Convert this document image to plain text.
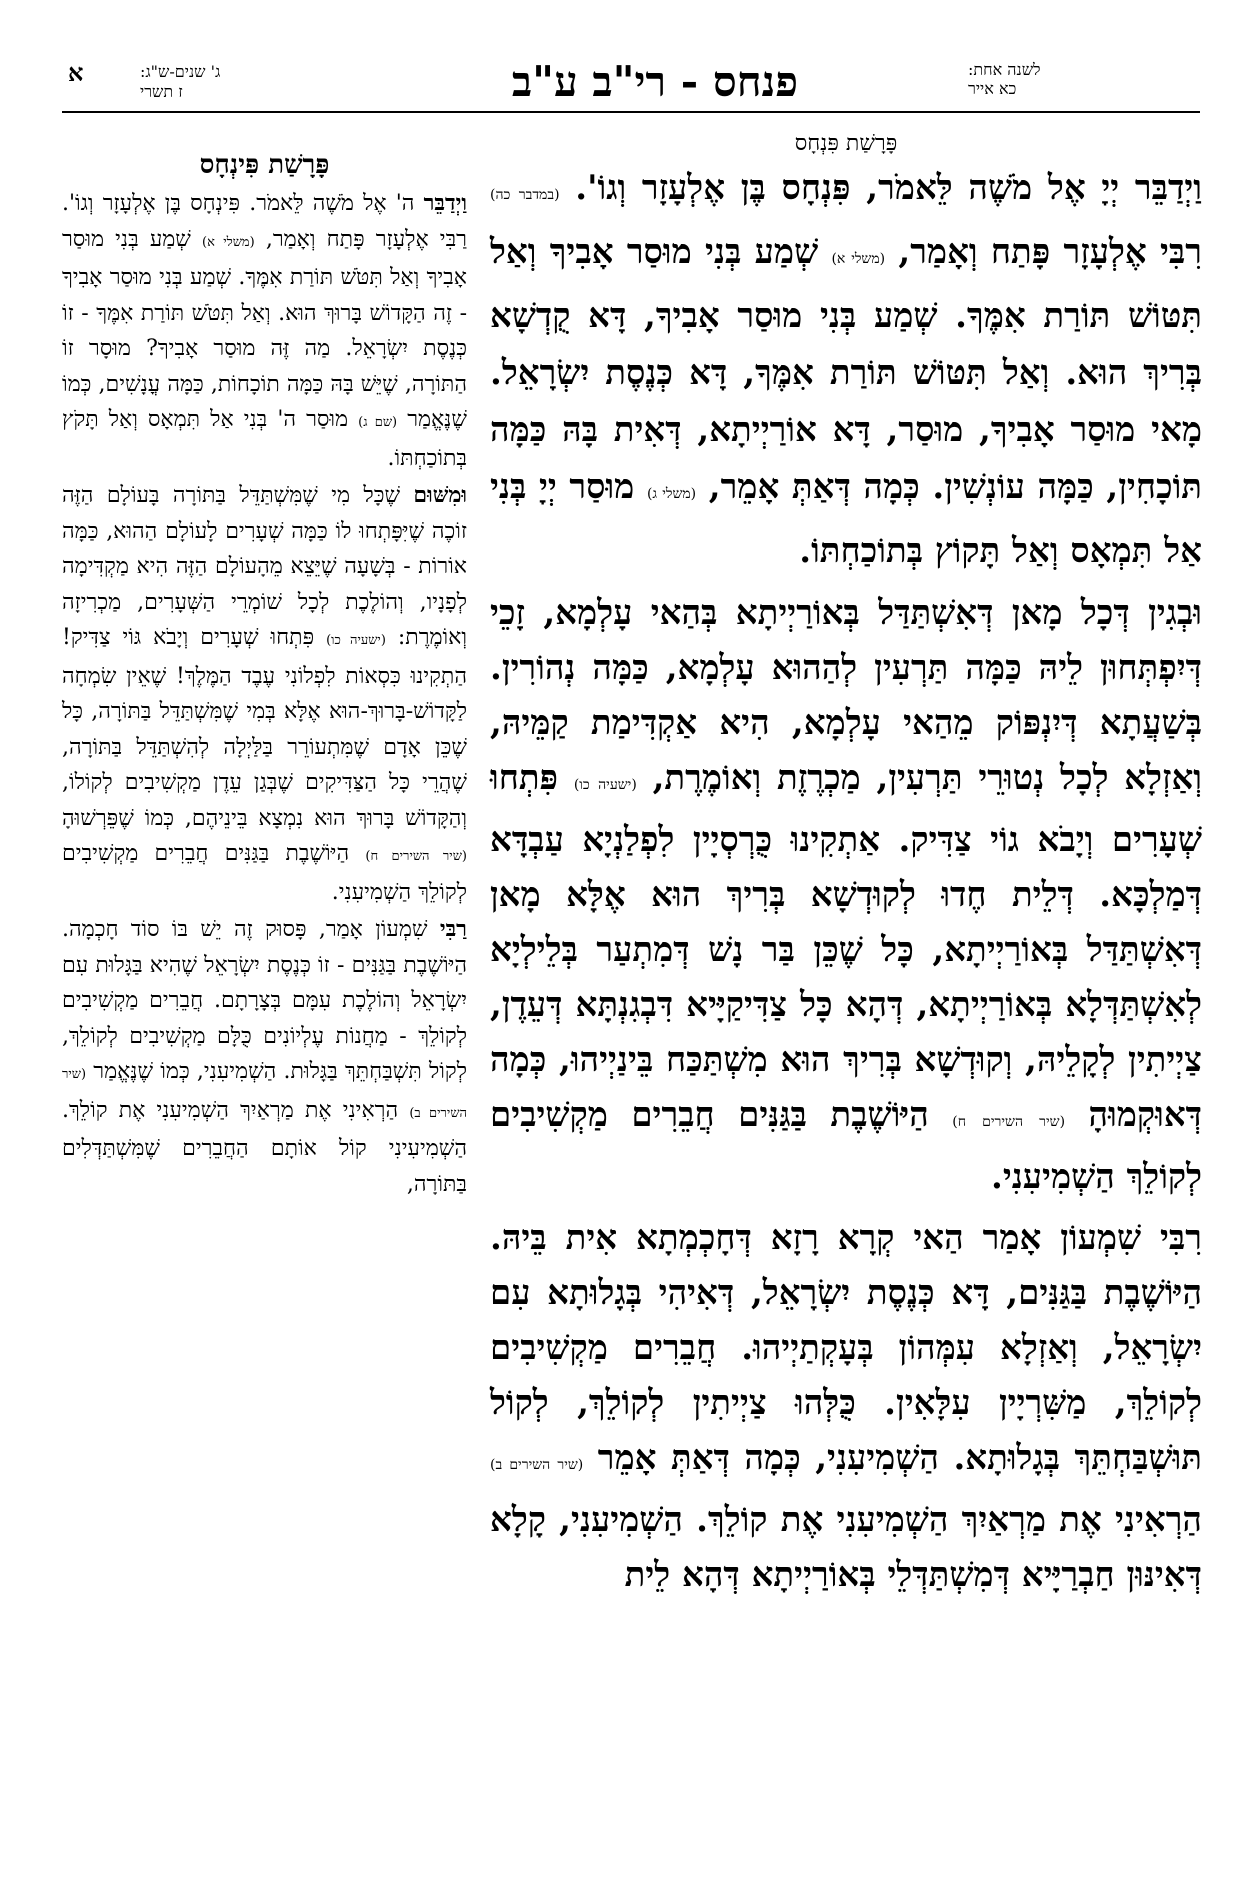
לשנה אחת:
כא אייר
פנחס - רי"ב ע"ב
ג' שנים-ש"ג:
ז תשרי
א
פָּרָשַׁת פִּנְחָס

וַיְדַבֵּר יְיָ אֶל מֹשֶׁה לֵּאמֹר, פִּנְחָס בֶּן אֶלְעָזָר וְגוֹ'. (במדבר כה) רִבִּי אֶלְעָזָר פָּתַח וְאָמַר, (משלי א) שְׁמַע בְּנִי מוּסַר אָבִיךָ וְאַל תִּטּוֹשׁ תּוֹרַת אִמֶּךָ. שְׁמַע בְּנִי מוּסַר אָבִיךָ, דָּא קֻדְשָׁא בְּרִיךְ הוּא. וְאַל תִּטּוֹשׁ תּוֹרַת אִמֶּךָ, דָּא כְּנֶסֶת יִשְׂרָאֵל. מָאי מוּסַר אָבִיךָ, מוּסַר, דָּא אוֹרַיְיתָא, דְּאִית בָּהּ כַּמָּה תּוֹכָחִין, כַּמָּה עוֹנְשִׁין. כְּמָה דְּאַתְּ אָמֵר, (משלי ג) מוּסַר יְיָ בְּנִי אַל תִּמְאָס וְאַל תָּקוֹץ בְּתוֹכַחְתּוֹ.

וּבְגִין דְּכָל מָאן דְּאִשְׁתַּדַּל בְּאוֹרַיְיתָא בְּהַאי עָלְמָא, זָכֵי דְּיִפְתְּחוּן לֵיהּ כַּמָּה תַּרְעִין לְהַהוּא עָלְמָא, כַּמָּה נְהוֹרִין. בְּשַׁעֲתָא דְּיִנְפּוֹק מֵהַאי עָלְמָא, הִיא אַקְדִּימַת קַמֵּיהּ, וְאַזְלָא לְכָל נְטוּרֵי תַּרְעִין, מַכְרֶזֶת וְאוֹמֶרֶת, (ישעיה כו) פִּתְחוּ שְׁעָרִים וְיָבֹא גוֹי צַדִּיק. אַתְקִינוּ כֻּרְסְיָין לִפְלַנְיָא עַבְדָּא דְּמַלְכָּא. דְּלֵית חֶדוּ לְקוּדְשָׁא בְּרִיךְ הוּא אֶלָּא מָאן דְּאִשְׁתַּדַּל בְּאוֹרַיְיתָא, כָּל שֶׁכֵּן בַּר נָשׁ דְּמִתְעַר בְּלֵילְיָא לְאִשְׁתַּדְּלָא בְּאוֹרַיְיתָא, דְּהָא כָּל צַדִּיקַיָּיא דִּבְגִנְתָּא דְּעֵדֶן, צַיְיתִין לְקָלֵיהּ, וְקוּדְשָׁא בְּרִיךְ הוּא מִשְׁתַּכַּח בֵּינַיְיהוּ, כְּמָה דְּאוּקְמוּהָ (שיר השירים ח) הַיּוֹשֶׁבֶת בַּגַּנִּים חֲבֵרִים מַקְשִׁיבִים לְקוֹלֵךְ הַשְׁמִיעִנִי.

רִבִּי שִׁמְעוֹן אָמַר הַאי קְרָא רָזָא דְּחָכְמְתָא אִית בֵּיהּ. הַיּוֹשֶׁבֶת בַּגַּנִּים, דָּא כְּנֶסֶת יִשְׂרָאֵל, דְּאִיהִי בְּגָלוּתָא עִם יִשְׂרָאֵל, וְאַזְלָא עִמְּהוֹן בְּעָקְתַיְיהוּ. חֲבֵרִים מַקְשִׁיבִים לְקוֹלֵךְ, מַשִּׁרְיָין עִלָּאִין. כֻּלְּהוּ צַיְיתִין לְקוֹלֵךְ, לְקוֹל תּוּשְׁבַּחְתֵּךְ בְּגָלוּתָא. הַשְׁמִיעִנִי, כְּמָה דְּאַתְּ אָמֵר (שיר השירים ב) הַרְאִינִי אֶת מַרְאַיִךְ הַשְׁמִיעִנִי אֶת קוֹלֵךְ. הַשְׁמִיעִנִי, קָלָא דְּאִינּוּן חַבְרַיָּיא דְּמִשְׁתַּדְּלֵי בְּאוֹרַיְיתָא דְּהָא לֵית

פָּרָשַׁת פִּינְחָס

וַיְדַבֵּר ה' אֶל מֹשֶׁה לֵּאמֹר. פִּינְחָס בֶּן אֶלְעָזָר וְגוֹ'. רַבִּי אֶלְעָזָר פָּתַח וְאָמַר, (משלי א) שְׁמַע בְּנִי מוּסַר אָבִיךָ וְאַל תִּטֹּשׁ תּוֹרַת אִמֶּךָ. שְׁמַע בְּנִי מוּסַר אָבִיךָ - זֶה הַקָּדוֹשׁ בָּרוּךְ הוּא. וְאַל תִּטֹּשׁ תּוֹרַת אִמֶּךָ - זוֹ כְּנֶסֶת יִשְׂרָאֵל. מַה זֶּה מוּסַר אָבִיךָ? מוּסָר זוֹ הַתּוֹרָה, שֶׁיֵּשׁ בָּהּ כַּמָּה תוֹכָחוֹת, כַּמָּה עֳנָשִׁים, כְּמוֹ שֶׁנֶּאֱמַר (שם ג) מוּסַר ה' בְּנִי אַל תִּמְאָס וְאַל תָּקֹץ בְּתוֹכַחְתּוֹ.

וּמִשּׁוּם שֶׁכָּל מִי שֶׁמִּשְׁתַּדֵּל בַּתּוֹרָה בָּעוֹלָם הַזֶּה זוֹכֶה שֶׁיִּפָּתְחוּ לוֹ כַּמָּה שְׁעָרִים לָעוֹלָם הַהוּא, כַּמָּה אוֹרוֹת - בְּשָׁעָה שֶׁיֵּצֵא מֵהָעוֹלָם הַזֶּה הִיא מַקְדִּימָה לְפָנָיו, וְהוֹלֶכֶת לְכָל שׁוֹמְרֵי הַשְּׁעָרִים, מַכְרִיזָה וְאוֹמֶרֶת: (ישעיה כו) פִּתְחוּ שְׁעָרִים וְיָבֹא גּוֹי צַדִּיק! הַתְקִינוּ כִּסְאוֹת לִפְלוֹנִי עֶבֶד הַמֶּלֶךְ! שֶׁאֵין שִׂמְחָה לַקָּדוֹשׁ-בָּרוּךְ-הוּא אֶלָּא בְּמִי שֶׁמִּשְׁתַּדֵּל בַּתּוֹרָה, כָּל שֶׁכֵּן אָדָם שֶׁמִּתְעוֹרֵר בַּלַּיְלָה לְהִשְׁתַּדֵּל בַּתּוֹרָה, שֶׁהֲרֵי כָּל הַצַּדִּיקִים שֶׁבְּגַן עֵדֶן מַקְשִׁיבִים לְקוֹלוֹ, וְהַקָּדוֹשׁ בָּרוּךְ הוּא נִמְצָא בֵּינֵיהֶם, כְּמוֹ שֶׁפֵּרְשׁוּהָ (שיר השירים ח) הַיּוֹשֶׁבֶת בַּגַּנִּים חֲבֵרִים מַקְשִׁיבִים לְקוֹלֵךְ הַשְׁמִיעִנִי.

רַבִּי שִׁמְעוֹן אָמַר, פָּסוּק זֶה יֵשׁ בּוֹ סוֹד חָכְמָה. הַיּוֹשֶׁבֶת בַּגַּנִּים - זוֹ כְּנֶסֶת יִשְׂרָאֵל שֶׁהִיא בַּגָּלוּת עִם יִשְׂרָאֵל וְהוֹלֶכֶת עִמָּם בְּצָרָתָם. חֲבֵרִים מַקְשִׁיבִים לְקוֹלֵךְ - מַחֲנוֹת עֶלְיוֹנִים כֻּלָּם מַקְשִׁיבִים לְקוֹלֵךְ, לְקוֹל תִּשְׁבַּחְתֵּךְ בַּגָּלוּת. הַשְׁמִיעִנִי, כְּמוֹ שֶׁנֶּאֱמַר (שיר השירים ב) הַרְאִינִי אֶת מַרְאַיִךְ הַשְׁמִיעִנִי אֶת קוֹלֵךְ. הַשְׁמִיעִינִי קוֹל אוֹתָם הַחֲבֵרִים שֶׁמִּשְׁתַּדְּלִים בַּתּוֹרָה,
